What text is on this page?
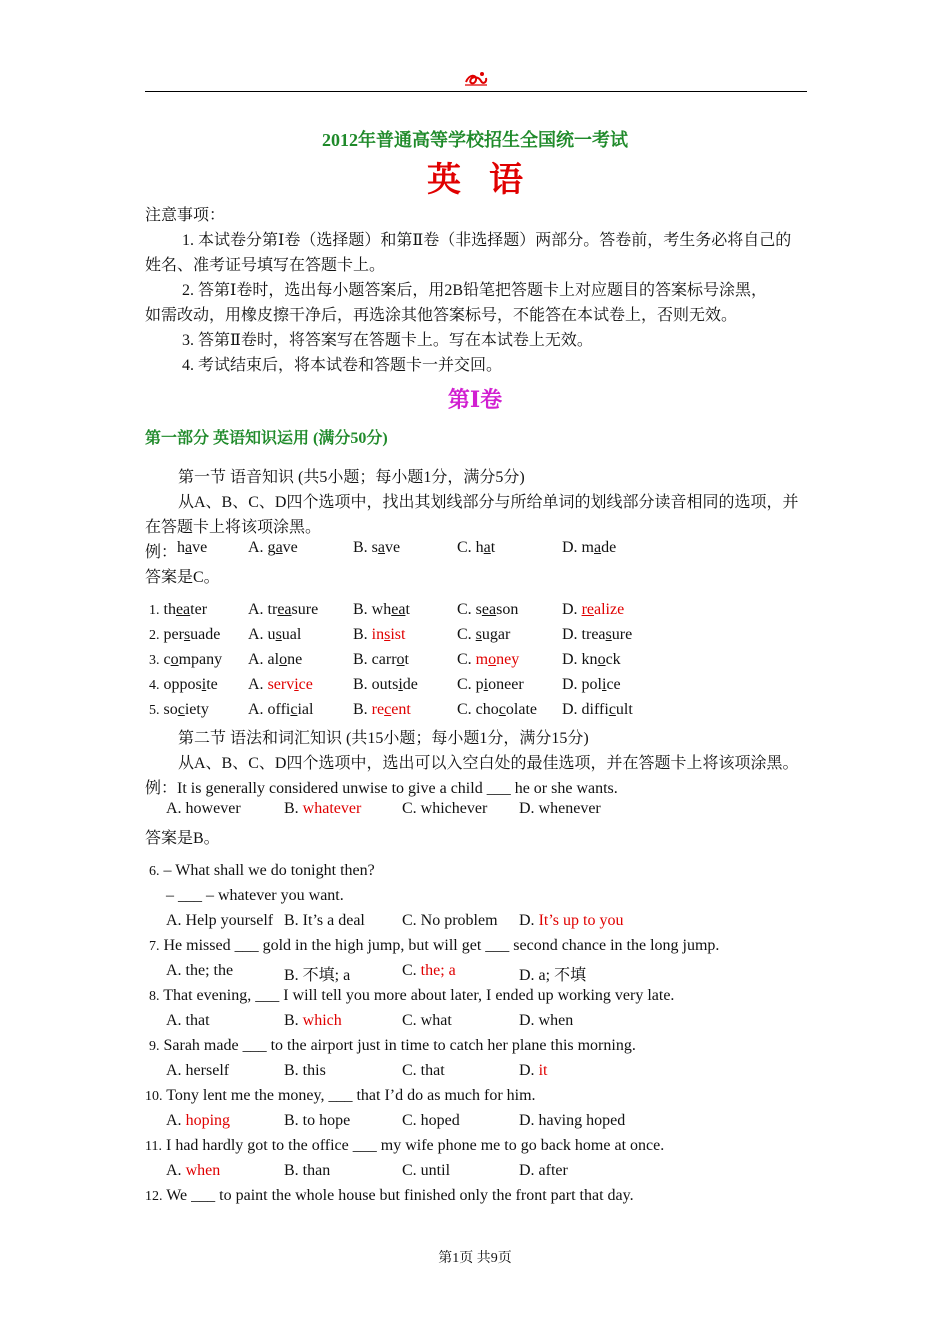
2012年普通高等学校招生全国统一考试
英语
注意事项：
1. 本试卷分第Ⅰ卷（选择题）和第Ⅱ卷（非选择题）两部分。答卷前，考生务必将自己的
姓名、准考证号填写在答题卡上。
2. 答第Ⅰ卷时，选出每小题答案后，用2B铅笔把答题卡上对应题目的答案标号涂黑，
如需改动，用橡皮擦干净后，再选涂其他答案标号，不能答在本试卷上，否则无效。
3. 答第Ⅱ卷时，将答案写在答题卡上。写在本试卷上无效。
4. 考试结束后，将本试卷和答题卡一并交回。
第Ⅰ卷
第一部分 英语知识运用 (满分50分)
第一节 语音知识 (共5小题；每小题1分，满分5分)
从A、B、C、D四个选项中，找出其划线部分与所给单词的划线部分读音相同的选项，并
在答题卡上将该项涂黑。
例： have	A. gave	B. save	C. hat	D. made
答案是C。
1. theater	A. treasure B. wheat	C. season	D. realize
2. persuade A. usual	B. insist	C. sugar	D. treasure
3. company A. alone	B. carrot	C. money	D. knock
4. opposite A. service	B. outside C. pioneer D. police
5. society A. official B. recent	C. chocolate D. difficult
第二节 语法和词汇知识 (共15小题；每小题1分，满分15分)
从A、B、C、D四个选项中，选出可以入空白处的最佳选项，并在答题卡上将该项涂黑。
例：It is generally considered unwise to give a child ___ he or she wants.
A. however	B. whatever	C. whichever D. whenever
答案是B。
6. – What shall we do tonight then?
– ___ – whatever you want.
A. Help yourself B. It’s a deal C. No problem D. It’s up to you
7. He missed ___ gold in the high jump, but will get ___ second chance in the long jump.
A. the; the	B. 不填; a	C. the; a	D. a; 不填
8. That evening, ___ I will tell you more about later, I ended up working very late.
A. that	B. which	C. what	D. when
9. Sarah made ___ to the airport just in time to catch her plane this morning.
A. herself	B. this	C. that	D. it
10. Tony lent me the money, ___ that I’d do as much for him.
A. hoping	B. to hope	C. hoped	D. having hoped
11. I had hardly got to the office ___ my wife phone me to go back home at once.
A. when	B. than	C. until	D. after
12. We ___ to paint the whole house but finished only the front part that day.
第1页 共9页
